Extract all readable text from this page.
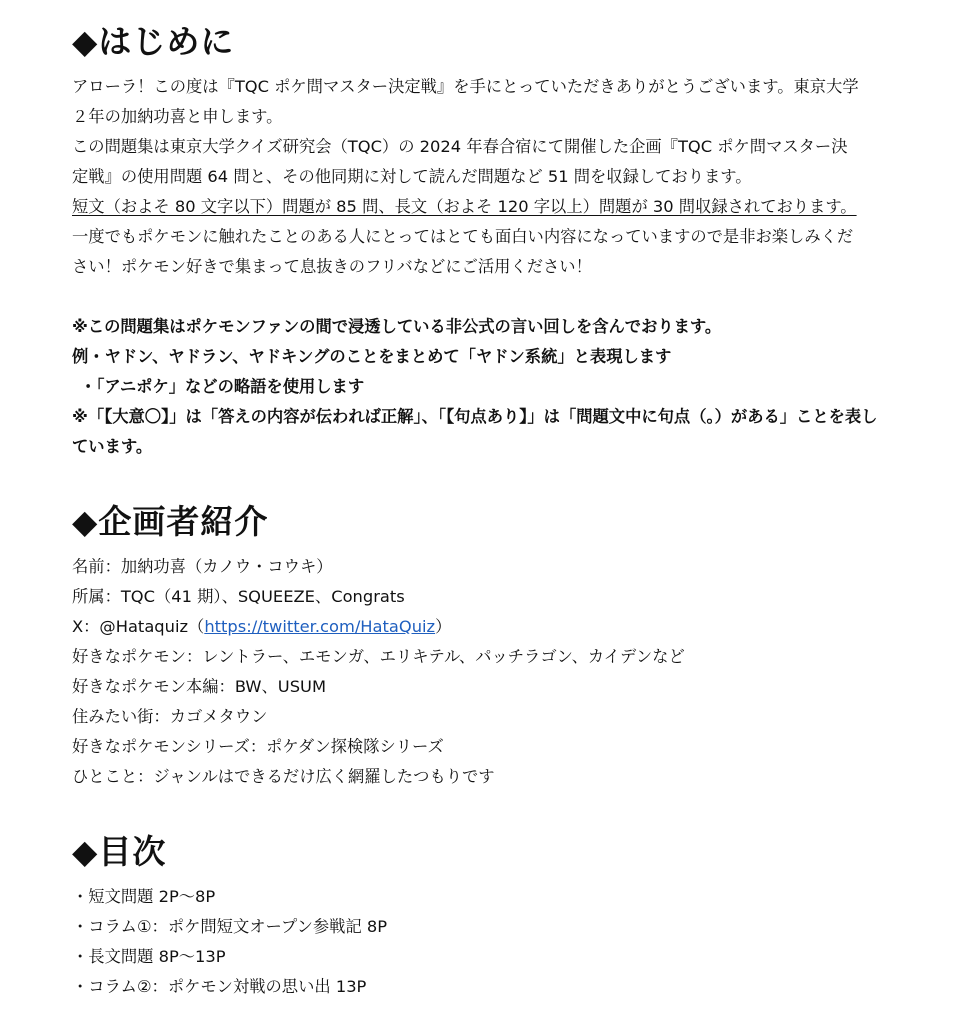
◆はじめに
アローラ！この度は『TQC ポケ問マスター決定戦』を手にとっていただきありがとうございます。東京大学
２年の加納功喜と申します。
この問題集は東京大学クイズ研究会（TQC）の 2024 年春合宿にて開催した企画『TQC ポケ問マスター決
定戦』の使用問題 64 問と、その他同期に対して読んだ問題など 51 問を収録しております。
短文（およそ 80 文字以下）問題が 85 問、長文（およそ 120 字以上）問題が 30 問収録されております。
一度でもポケモンに触れたことのある人にとってはとても面白い内容になっていますので是非お楽しみくだ
さい！ポケモン好きで集まって息抜きのフリバなどにご活用ください！
※この問題集はポケモンファンの間で浸透している非公式の言い回しを含んでおります。
例・ヤドン、ヤドラン、ヤドキングのことをまとめて「ヤドン系統」と表現します
・「アニポケ」などの略語を使用します
※「【大意〇】」は「答えの内容が伝われば正解」、「【句点あり】」は「問題文中に句点（。）がある」ことを表し
ています。
◆企画者紹介
名前：加納功喜（カノウ・コウキ）
所属：TQC（41 期）、SQUEEZE、Congrats
X：@Hataquiz（https://twitter.com/HataQuiz）
好きなポケモン：レントラー、エモンガ、エリキテル、パッチラゴン、カイデンなど
好きなポケモン本編：BW、USUM
住みたい街：カゴメタウン
好きなポケモンシリーズ：ポケダン探検隊シリーズ
ひとこと：ジャンルはできるだけ広く網羅したつもりです
◆目次
・短文問題 2P～8P
・コラム①：ポケ問短文オープン参戦記 8P
・長文問題 8P～13P
・コラム②：ポケモン対戦の思い出 13P
